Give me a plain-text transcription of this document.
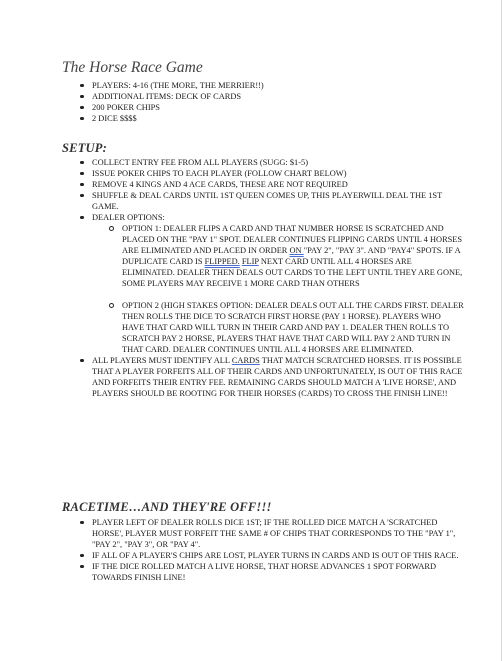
The Horse Race Game
PLAYERS: 4-16 (THE MORE, THE MERRIER!!)
ADDITIONAL ITEMS: DECK OF CARDS
200 POKER CHIPS
2 DICE $$$$
SETUP:
COLLECT ENTRY FEE FROM ALL PLAYERS (SUGG: $1-5)
ISSUE POKER CHIPS TO EACH PLAYER (FOLLOW CHART BELOW)
REMOVE 4 KINGS AND 4 ACE CARDS, THESE ARE NOT REQUIRED
SHUFFLE & DEAL CARDS UNTIL 1ST QUEEN COMES UP, THIS PLAYERWILL DEAL THE 1ST GAME.
DEALER OPTIONS:
OPTION 1: DEALER FLIPS A CARD AND THAT NUMBER HORSE IS SCRATCHED AND PLACED ON THE "PAY 1" SPOT. DEALER CONTINUES FLIPPING CARDS UNTIL 4 HORSES ARE ELIMINATED AND PLACED IN ORDER ON "PAY 2", "PAY 3". AND "PAY4" SPOTS. IF A DUPLICATE CARD IS FLIPPED. FLIP NEXT CARD UNTIL ALL 4 HORSES ARE ELIMINATED. DEALER THEN DEALS OUT CARDS TO THE LEFT UNTIL THEY ARE GONE, SOME PLAYERS MAY RECEIVE 1 MORE CARD THAN OTHERS
OPTION 2 (HIGH STAKES OPTION: DEALER DEALS OUT ALL THE CARDS FIRST. DEALER THEN ROLLS THE DICE TO SCRATCH FIRST HORSE (PAY 1 HORSE). PLAYERS WHO HAVE THAT CARD WILL TURN IN THEIR CARD AND PAY 1. DEALER THEN ROLLS TO SCRATCH PAY 2 HORSE, PLAYERS THAT HAVE THAT CARD WILL PAY 2 AND TURN IN THAT CARD. DEALER CONTINUES UNTIL ALL 4 HORSES ARE ELIMINATED.
ALL PLAYERS MUST IDENTIFY ALL CARDS THAT MATCH SCRATCHED HORSES. IT IS POSSIBLE THAT A PLAYER FORFEITS ALL OF THEIR CARDS AND UNFORTUNATELY, IS OUT OF THIS RACE AND FORFEITS THEIR ENTRY FEE. REMAINING CARDS SHOULD MATCH A 'LIVE HORSE', AND PLAYERS SHOULD BE ROOTING FOR THEIR HORSES (CARDS) TO CROSS THE FINISH LINE!!
RACETIME…AND THEY'RE OFF!!!
PLAYER LEFT OF DEALER ROLLS DICE 1ST; IF THE ROLLED DICE MATCH A 'SCRATCHED HORSE', PLAYER MUST FORFEIT THE SAME # OF CHIPS THAT CORRESPONDS TO THE "PAY 1", "PAY 2", "PAY 3", OR "PAY 4".
IF ALL OF A PLAYER'S CHIPS ARE LOST, PLAYER TURNS IN CARDS AND IS OUT OF THIS RACE.
IF THE DICE ROLLED MATCH A LIVE HORSE, THAT HORSE ADVANCES 1 SPOT FORWARD TOWARDS FINISH LINE!
